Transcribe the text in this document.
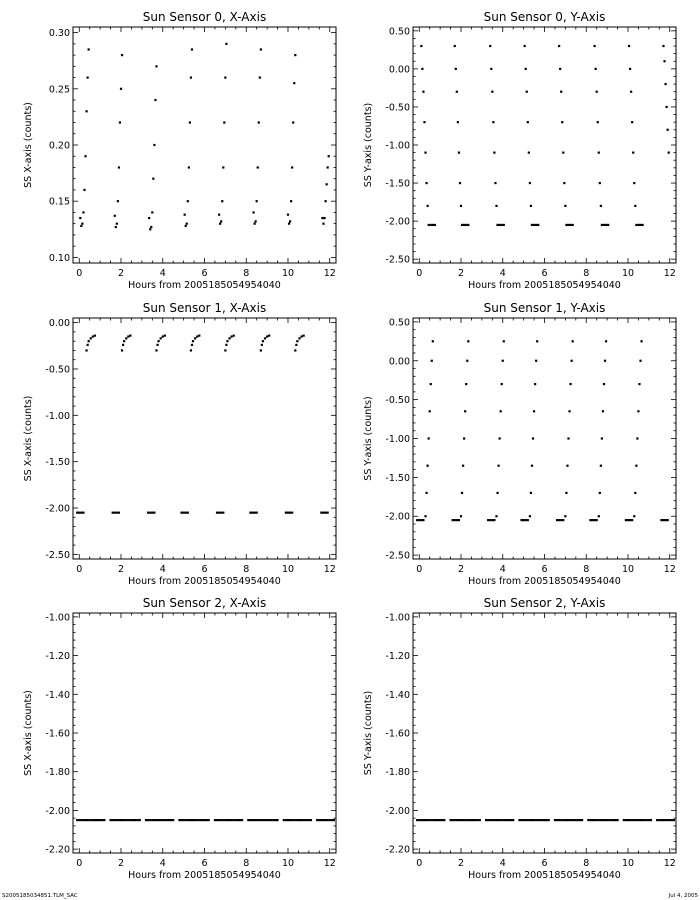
Sun Sensor 0, X-Axis
0	2	4	6	8	10	12
0.10
0.15
0.20
0.25
0.30
Hours from 2005185054954040
SS X-axis (counts)
Sun Sensor 0, Y-Axis
0	2	4	6	8	10	12
-2.50
-2.00
-1.50
-1.00
-0.50
0.00
0.50
Hours from 2005185054954040
SS Y-axis (counts)
Sun Sensor 1, X-Axis
0	2	4	6	8	10	12
-2.50
-2.00
-1.50
-1.00
-0.50
0.00
Hours from 2005185054954040
SS X-axis (counts)
Sun Sensor 1, Y-Axis
0	2	4	6	8	10	12
-2.50
-2.00
-1.50
-1.00
-0.50
0.00
0.50
Hours from 2005185054954040
SS Y-axis (counts)
Sun Sensor 2, X-Axis
0	2	4	6	8	10	12
-2.20
-2.00
-1.80
-1.60
-1.40
-1.20
-1.00
Hours from 2005185054954040
SS X-axis (counts)
Sun Sensor 2, Y-Axis
0	2	4	6	8	10	12
-2.20
-2.00
-1.80
-1.60
-1.40
-1.20
-1.00
Hours from 2005185054954040
SS Y-axis (counts)
S2005185034851.TLM_SAC	Jul 4, 2005
